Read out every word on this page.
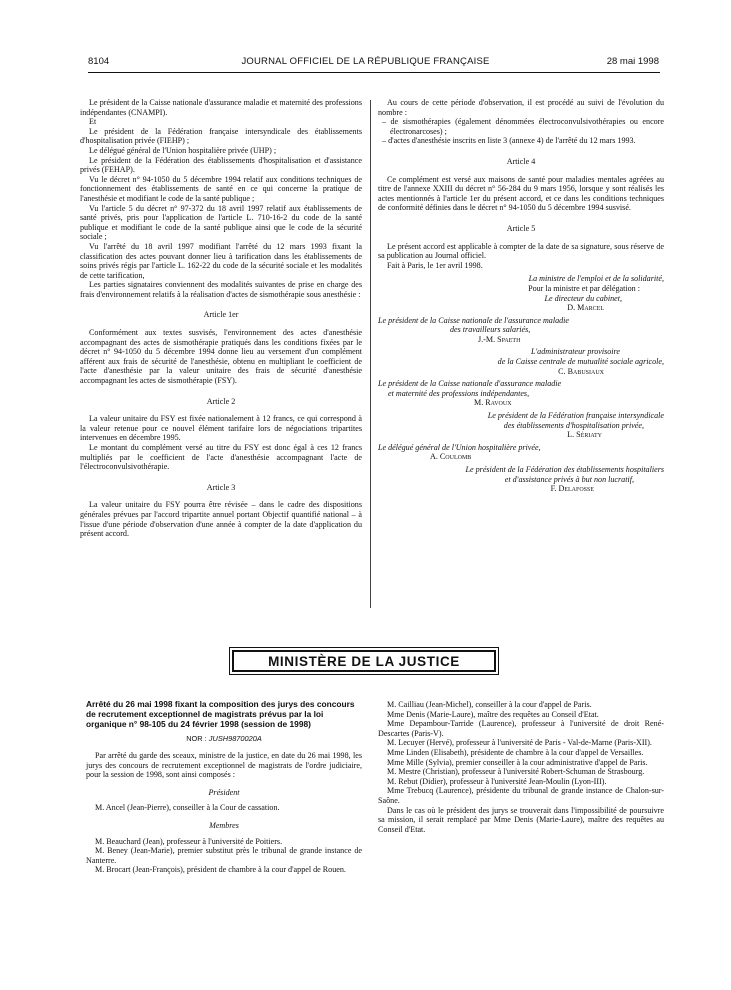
8104	JOURNAL OFFICIEL DE LA RÉPUBLIQUE FRANÇAISE	28 mai 1998

Le président de la Caisse nationale d'assurance maladie et maternité des professions indépendantes (CNAMPI).

Et

Le président de la Fédération française intersyndicale des établissements d'hospitalisation privée (FIEHP) ;

Le délégué général de l'Union hospitalière privée (UHP) ;

Le président de la Fédération des établissements d'hospitalisation et d'assistance privés (FEHAP).

Vu le décret n° 94-1050 du 5 décembre 1994 relatif aux conditions techniques de fonctionnement des établissements de santé en ce qui concerne la pratique de l'anesthésie et modifiant le code de la santé publique ;

Vu l'article 5 du décret n° 97-372 du 18 avril 1997 relatif aux établissements de santé privés, pris pour l'application de l'article L. 710-16-2 du code de la santé publique et modifiant le code de la santé publique ainsi que le code de la sécurité sociale ;

Vu l'arrêté du 18 avril 1997 modifiant l'arrêté du 12 mars 1993 fixant la classification des actes pouvant donner lieu à tarification dans les établissements de soins privés régis par l'article L. 162-22 du code de la sécurité sociale et les modalités de cette tarification,

Les parties signataires conviennent des modalités suivantes de prise en charge des frais d'environnement relatifs à la réalisation d'actes de sismothérapie sous anesthésie :

Article 1er

Conformément aux textes susvisés, l'environnement des actes d'anesthésie accompagnant des actes de sismothérapie pratiqués dans les conditions fixées par le décret n° 94-1050 du 5 décembre 1994 donne lieu au versement d'un complément afférent aux frais de sécurité de l'anesthésie, obtenu en multipliant le coefficient de l'acte d'anesthésie par la valeur unitaire des frais de sécurité d'anesthésie accompagnant les actes de sismothérapie (FSY).

Article 2

La valeur unitaire du FSY est fixée nationalement à 12 francs, ce qui correspond à la valeur retenue pour ce nouvel élément tarifaire lors de négociations tripartites intervenues en décembre 1995.

Le montant du complément versé au titre du FSY est donc égal à ces 12 francs multipliés par le coefficient de l'acte d'anesthésie accompagnant l'acte de l'électroconvulsivothérapie.

Article 3

La valeur unitaire du FSY pourra être révisée – dans le cadre des dispositions générales prévues par l'accord tripartite annuel portant Objectif quantifié national – à l'issue d'une période d'observation d'une année à compter de la date d'application du présent accord.

Au cours de cette période d'observation, il est procédé au suivi de l'évolution du nombre :

– de sismothérapies (également dénommées électroconvulsivothérapies ou encore électronarcoses) ;

– d'actes d'anesthésie inscrits en liste 3 (annexe 4) de l'arrêté du 12 mars 1993.

Article 4

Ce complément est versé aux maisons de santé pour maladies mentales agréées au titre de l'annexe XXIII du décret n° 56-284 du 9 mars 1956, lorsque y sont réalisés les actes mentionnés à l'article 1er du présent accord, et ce dans les conditions techniques de conformité définies dans le décret n° 94-1050 du 5 décembre 1994 susvisé.

Article 5

Le présent accord est applicable à compter de la date de sa signature, sous réserve de sa publication au Journal officiel.

Fait à Paris, le 1er avril 1998.

La ministre de l'emploi et de la solidarité,
Pour la ministre et par délégation :
Le directeur du cabinet,
D. Marcel
Le président de la Caisse nationale de l'assurance maladie
des travailleurs salariés,
J.-M. Spaeth
L'administrateur provisoire
de la Caisse centrale de mutualité sociale agricole,
C. Babusiaux
Le président de la Caisse nationale d'assurance maladie
et maternité des professions indépendantes,
M. Ravoux
Le président de la Fédération française intersyndicale
des établissements d'hospitalisation privée,
L. Sériaty
Le délégué général de l'Union hospitalière privée,
A. Coulomb
Le président de la Fédération des établissements hospitaliers
et d'assistance privés à but non lucratif,
F. Delafosse
MINISTÈRE DE LA JUSTICE

Arrêté du 26 mai 1998 fixant la composition des jurys des concours de recrutement exceptionnel de magistrats prévus par la loi organique n° 98-105 du 24 février 1998 (session de 1998)

NOR : JUSH9870020A

Par arrêté du garde des sceaux, ministre de la justice, en date du 26 mai 1998, les jurys des concours de recrutement exceptionnel de magistrats de l'ordre judiciaire, pour la session de 1998, sont ainsi composés :

Président

M. Ancel (Jean-Pierre), conseiller à la Cour de cassation.

Membres

M. Beauchard (Jean), professeur à l'université de Poitiers.

M. Beney (Jean-Marie), premier substitut près le tribunal de grande instance de Nanterre.

M. Brocart (Jean-François), président de chambre à la cour d'appel de Rouen.

M. Cailliau (Jean-Michel), conseiller à la cour d'appel de Paris.

Mme Denis (Marie-Laure), maître des requêtes au Conseil d'Etat.

Mme Depambour-Tarride (Laurence), professeur à l'université de droit René-Descartes (Paris-V).

M. Lecuyer (Hervé), professeur à l'université de Paris - Val-de-Marne (Paris-XII).

Mme Linden (Elisabeth), présidente de chambre à la cour d'appel de Versailles.

Mme Mille (Sylvia), premier conseiller à la cour administrative d'appel de Paris.

M. Mestre (Christian), professeur à l'université Robert-Schuman de Strasbourg.

M. Rebut (Didier), professeur à l'université Jean-Moulin (Lyon-III).

Mme Trebucq (Laurence), présidente du tribunal de grande instance de Chalon-sur-Saône.

Dans le cas où le président des jurys se trouverait dans l'impossibilité de poursuivre sa mission, il serait remplacé par Mme Denis (Marie-Laure), maître des requêtes au Conseil d'Etat.
